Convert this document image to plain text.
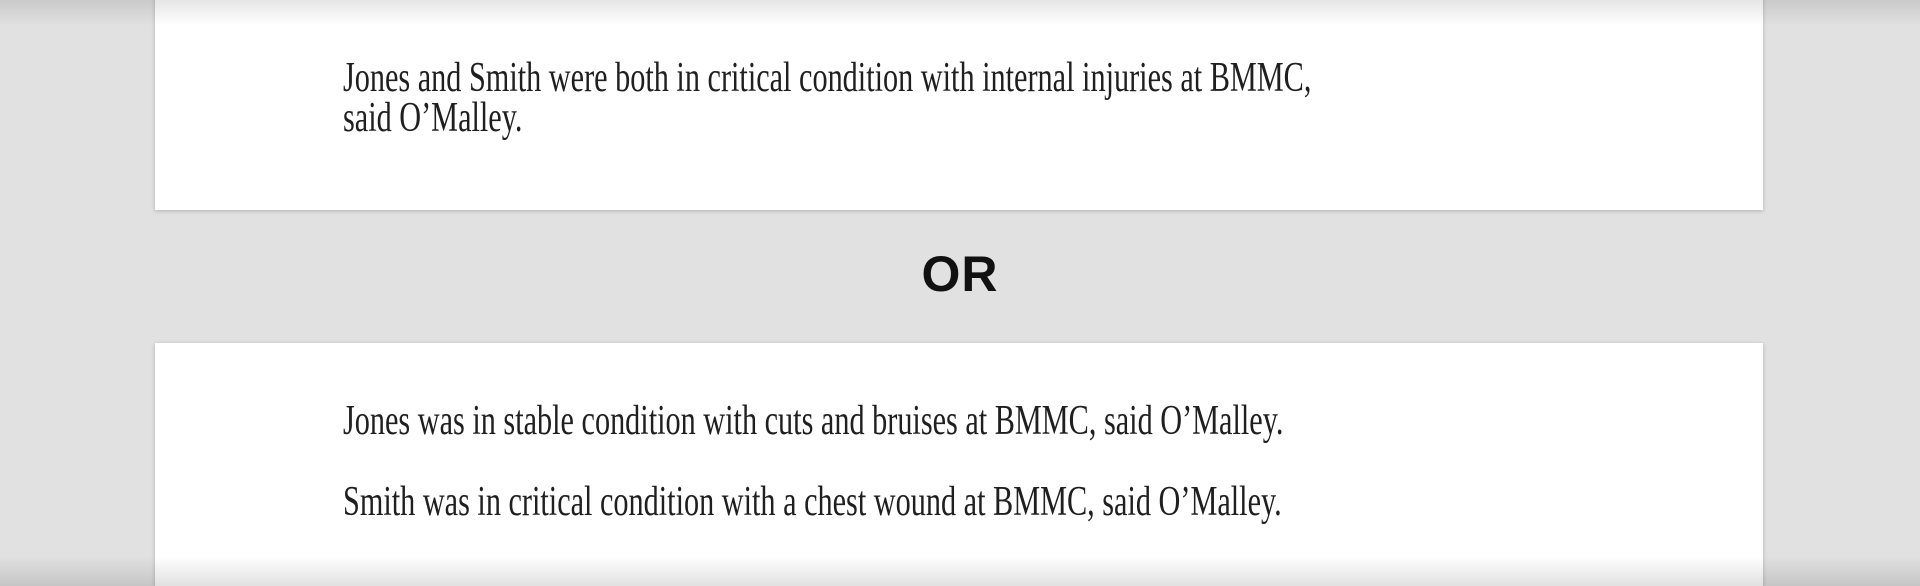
Jones and Smith were both in critical condition with internal injuries at BMMC,

said O’Malley.

OR

Jones was in stable condition with cuts and bruises at BMMC, said O’Malley.

Smith was in critical condition with a chest wound at BMMC, said O’Malley.
